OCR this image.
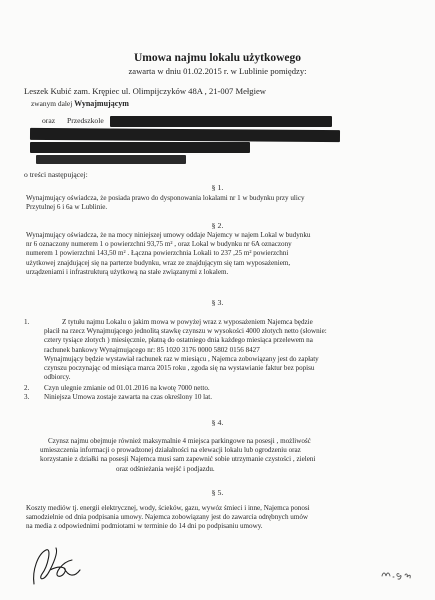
Umowa najmu lokalu użytkowego
zawarta w dniu 01.02.2015 r. w Lublinie pomiędzy:
Leszek Kubić zam. Krępiec ul. Olimpijczyków 48A , 21-007 Mełgiew
zwanym dalej Wynajmującym
oraz Przedszkole
o treści następującej:
§ 1.
Wynajmujący oświadcza, że posiada prawo do dysponowania lokalami nr 1 w budynku przy ulicy
Przytulnej 6 i 6a w Lublinie.
§ 2.
Wynajmujący oświadcza, że na mocy niniejszej umowy oddaje Najemcy w najem Lokal w budynku
nr 6 oznaczony numerem 1 o powierzchni 93,75 m² , oraz Lokal w budynku nr 6A oznaczony
numerem 1 powierzchni 143,50 m² . Łączna powierzchnia Lokali to 237 ,25 m² powierzchni
użytkowej znajdującej się na parterze budynku, wraz ze znajdującym się tam wyposażeniem,
urządzeniami i infrastrukturą użytkową na stałe związanymi z lokalem.
§ 3.
1.	Z tytułu najmu Lokalu o jakim mowa w powyżej wraz z wyposażeniem Najemca będzie
płacił na rzecz Wynajmującego jednolitą stawkę czynszu w wysokości 4000 złotych netto (słownie:
cztery tysiące złotych ) miesięcznie, płatną do ostatniego dnia każdego miesiąca przelewem na
rachunek bankowy Wynajmującego nr: 85 1020 3176 0000 5802 0156 8427
Wynajmujący będzie wystawiał rachunek raz w miesiącu , Najemca zobowiązany jest do zapłaty
czynszu poczynając od miesiąca marca 2015 roku , zgoda się na wystawianie faktur bez popisu
odbiorcy.
2. Czyn ulegnie zmianie od 01.01.2016 na kwotę 7000 netto.
3. Niniejsza Umowa zostaje zawarta na czas określony 10 lat.
§ 4.
Czynsz najmu obejmuje również maksymalnie 4 miejsca parkingowe na posesji , możliwość
umieszczenia informacji o prowadzonej działalności na elewacji lokalu lub ogrodzeniu oraz
korzystanie z działki na posesji Najemca musi sam zapewnić sobie utrzymanie czystości , zieleni
oraz odśnieżania wejść i podjazdu.
§ 5.
Koszty mediów tj. energii elektrycznej, wody, ścieków, gazu, wywóz śmieci i inne, Najemca ponosi
samodzielnie od dnia podpisania umowy. Najemca zobowiązany jest do zawarcia odrębnych umów
na media z odpowiednimi podmiotami w terminie do 14 dni po podpisaniu umowy.
